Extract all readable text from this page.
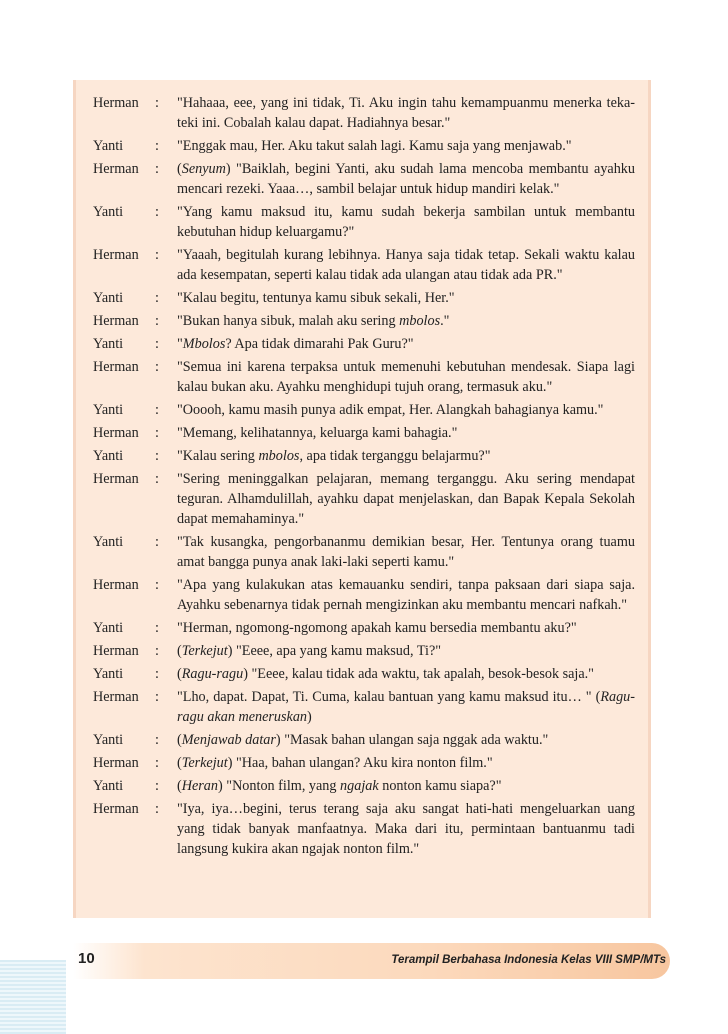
Herman	:	"Hahaaa, eee, yang ini tidak, Ti. Aku ingin tahu kemampuanmu menerka teka-teki ini. Cobalah kalau dapat. Hadiahnya besar."
Yanti	:	"Enggak mau, Her. Aku takut salah lagi. Kamu saja yang menjawab."
Herman	:	(Senyum) "Baiklah, begini Yanti, aku sudah lama mencoba membantu ayahku mencari rezeki. Yaaa…, sambil belajar untuk hidup mandiri kelak."
Yanti	:	"Yang kamu maksud itu, kamu sudah bekerja sambilan untuk membantu kebutuhan hidup keluargamu?"
Herman	:	"Yaaah, begitulah kurang lebihnya. Hanya saja tidak tetap. Sekali waktu kalau ada kesempatan, seperti kalau tidak ada ulangan atau tidak ada PR."
Yanti	:	"Kalau begitu, tentunya kamu sibuk sekali, Her."
Herman	:	"Bukan hanya sibuk, malah aku sering mbolos."
Yanti	:	"Mbolos? Apa tidak dimarahi Pak Guru?"
Herman	:	"Semua ini karena terpaksa untuk memenuhi kebutuhan mendesak. Siapa lagi kalau bukan aku. Ayahku menghidupi tujuh orang, termasuk aku."
Yanti	:	"Ooooh, kamu masih punya adik empat, Her. Alangkah bahagianya kamu."
Herman	:	"Memang, kelihatannya, keluarga kami bahagia."
Yanti	:	"Kalau sering mbolos, apa tidak terganggu belajarmu?"
Herman	:	"Sering meninggalkan pelajaran, memang terganggu. Aku sering mendapat teguran. Alhamdulillah, ayahku dapat menjelaskan, dan Bapak Kepala Sekolah dapat memahaminya."
Yanti	:	"Tak kusangka, pengorbananmu demikian besar, Her. Tentunya orang tuamu amat bangga punya anak laki-laki seperti kamu."
Herman	:	"Apa yang kulakukan atas kemauanku sendiri, tanpa paksaan dari siapa saja. Ayahku sebenarnya tidak pernah mengizinkan aku membantu mencari nafkah."
Yanti	:	"Herman, ngomong-ngomong apakah kamu bersedia membantu aku?"
Herman	:	(Terkejut) "Eeee, apa yang kamu maksud, Ti?"
Yanti	:	(Ragu-ragu) "Eeee, kalau tidak ada waktu, tak apalah, besok-besok saja."
Herman	:	"Lho, dapat. Dapat, Ti. Cuma, kalau bantuan yang kamu maksud itu… " (Ragu-ragu akan meneruskan)
Yanti	:	(Menjawab datar) "Masak bahan ulangan saja nggak ada waktu."
Herman	:	(Terkejut) "Haa, bahan ulangan? Aku kira nonton film."
Yanti	:	(Heran) "Nonton film, yang ngajak nonton kamu siapa?"
Herman	:	"Iya, iya…begini, terus terang saja aku sangat hati-hati mengeluarkan uang yang tidak banyak manfaatnya. Maka dari itu, permintaan bantuanmu tadi langsung kukira akan ngajak nonton film."
10	Terampil Berbahasa Indonesia Kelas VIII SMP/MTs
